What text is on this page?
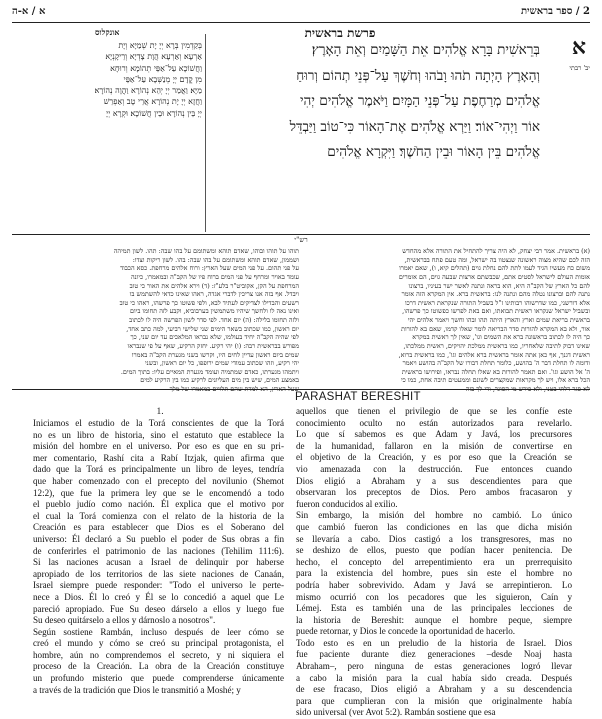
2 / ספר בראשית
א / א-ה
פרשת בראשית
אונקלוס
בְּקַדְמִין בְּרָא יְיָ יָת שְׁמַיָּא וְיָת
אַרְעָא׃ וְאַרְעָא הֲוָת צָדְיָא וְרֵיקָנְיָא
וַחֲשׁוֹכָא עַל־אַפֵּי תְהוֹמָא וְרוּחָא
מִן קֳדָם יְיָ מְנַשְּׁבָא עַל־אַפֵּי
מַיָּא׃ וַאֲמַר יְיָ יְהֵא נְהוֹרָא וַהֲוָה נְהוֹרָא׃
וַחֲזָא יְיָ יָת נְהוֹרָא אֲרֵי טָב וְאַפְרֵשׁ
יְיָ בֵּין נְהוֹרָא וּבֵין חֲשׁוֹכָא׃ וּקְרָא יְיָ
בְּרֵאשִׁית בָּרָא אֱלֹהִים אֵת הַשָּׁמַיִם וְאֵת הָאָרֶץ׃
וְהָאָרֶץ הָיְתָה תֹהוּ וָבֹהוּ וְחֹשֶׁךְ עַל־פְּנֵי תְהוֹם וְרוּחַ
אֱלֹהִים מְרַחֶפֶת עַל־פְּנֵי הַמָּיִם׃ וַיֹּאמֶר אֱלֹהִים יְהִי
אוֹר וַיְהִי־אוֹר׃ וַיַּרְא אֱלֹהִים אֶת־הָאוֹר כִּי־טוֹב וַיַּבְדֵּל
אֱלֹהִים בֵּין הָאוֹר וּבֵין הַחֹשֶׁךְ׃ וַיִּקְרָא אֱלֹהִים
א
יב' רבתי
רש"י
(א) בראשית. אמר רבי יצחק, לא היה צריך להתחיל את התורה אלא מהחדש
הזה לכם שהיא מצוה ראשונה שנצטוו בה ישראל, ומה טעם פתח בבראשית,
משום כח מעשיו הגיד לעמו לתת להם נחלת גוים (תהלים קיא, ו), שאם יאמרו
אומות העולם לישראל לסטים אתם, שכבשתם ארצות שבעה גוים, הם אומרים
להם כל הארץ של הקב"ה היא, הוא בראה ונתנה לאשר ישר בעיניו, ברצונו
נתנה להם וברצונו נטלה מהם ונתנה לנו: בראשית ברא. אין המקרא הזה אומר
אלא דורשני, כמו שדרשוהו רבותינו ז"ל בשביל התורה שנקראת ראשית דרכו
ובשביל ישראל שנקראו ראשית תבואתו, ואם באת לפרשו כפשוטו כך פרשהו,
בראשית בריאת שמים וארץ והארץ היתה תהו ובהו וחשך ויאמר אלהים יהי
אור, ולא בא המקרא להורות סדר הבריאה לומר שאלו קדמו, שאם בא להורות
כך היה לו לכתוב בראשונה ברא את השמים וגו', שאין לך ראשית במקרא
שאינו דבוק לתיבה שלאחריו, כמו בראשית ממלכת יהויקים, ראשית ממלכתו,
ראשית דגנך, אף כאן אתה אומר בראשית ברא אלהים וגו', כמו בראשית ברוא,
ודומה לו תחלת דבר ה' בהושע, כלומר תחלת דבורו של הקב"ה בהושע ויאמר
ה' אל הושע וגו'. ואם תאמר להורות בא שאלו תחלה נבראו, ופירושו בראשית
הכל ברא אלו, ויש לך מקראות שמקצרים לשונם וממעטים תיבה אחת, כמו כי
לא סגר דלתי בטני, ולא פירש מי הסוגר, ודי לך בזה
תוהו על תוהו ובוהו, שאדם תוהא ומשתומם על בהו שבה: תהו. לשון תמיהה
ושממון, שאדם תוהא ומשתומם על בהו שבה: בהו. לשון ריקות וצדו:
על פני תהום. על פני המים שעל הארץ: ורוח אלהים מרחפת. כסא הכבוד
עומד באויר ומרחף על פני המים ברוח פיו של הקב"ה ובמאמרו, כיונה
המרחפת על הקן, אקוביט"ר בלע"ז: (ד) וירא אלהים את האור כי טוב
ויבדל. אף בזה אנו צריכין לדברי אגדה, ראהו שאינו כדאי להשתמש בו
רשעים והבדילו לצדיקים לעתיד לבא, ולפי פשוטו כך פרשהו, ראהו כי טוב
ואינו נאה לו ולחשך שיהיו משתמשין בערבוביא, וקבע לזה תחומו ביום
ולזה תחומו בלילה: (ה) יום אחד. לפי סדר לשון הפרשה היה לו לכתוב
יום ראשון, כמו שכתוב בשאר הימים שני שלישי רביעי, למה כתב אחד,
לפי שהיה הקב"ה יחיד בעולמו, שלא נבראו המלאכים עד יום שני, כך
מפורש בבראשית רבה: (ו) יהי רקיע. יחזק הרקיע, שאף על פי שנבראו
שמים ביום ראשון עדיין לחים היו, וקרשו בשני מגערת הקב"ה באמרו
יהי רקיע, וזהו שכתוב עמודי שמים ירופפו, כל יום ראשון, ובשני
ויתמהו מגערתו, כאדם שמתמיה ועומד מגערת המאיים עליו: בתוך המים.
באמצע המים, שיש בין מים העליונים לרקיע כמו בין הרקיע למים
שעל הארץ, הא למדת שהם תלויים במאמרו של מלך
PARASHAT BERESHIT
1.
Iniciamos el estudio de la Torá conscientes de que la Torá
no es un libro de historia, sino el estatuto que establece la
misión del hombre en el universo. Por eso es que en su pri-
mer comentario, Rashí cita a Rabí Itzjak, quien afirma que
dado que la Torá es principalmente un libro de leyes, tendría
que haber comenzado con el precepto del novilunio (Shemot
12:2), que fue la primera ley que se le encomendó a todo
el pueblo judío como nación. Él explica que el motivo por
el cual la Torá comienza con el relato de la historia de la
Creación es para establecer que Dios es el Soberano del
universo: Él declaró a Su pueblo el poder de Sus obras a fin
de conferirles el patrimonio de las naciones (Tehilim 111:6).
Si las naciones acusan a Israel de delinquir por haberse
apropiado de los territorios de las siete naciones de Canaán,
Israel siempre puede responder: "Todo el universo le perte-
nece a Dios. Él lo creó y Él se lo concedió a aquel que Le
pareció apropiado. Fue Su deseo dárselo a ellos y luego fue
Su deseo quitárselo a ellos y dárnoslo a nosotros".
Según sostiene Rambán, incluso después de leer cómo se
creó el mundo y cómo se creó su principal protagonista, el
hombre, aún no comprendemos el secreto, y ni siquiera el
proceso de la Creación. La obra de la Creación constituye
un profundo misterio que puede comprenderse únicamente
a través de la tradición que Dios le transmitió a Moshé; y
aquellos que tienen el privilegio de que se les confíe este
conocimiento oculto no están autorizados para revelarlo.
Lo que sí sabemos es que Adam y Javá, los precursores
de la humanidad, fallaron en la misión de convertirse en
el objetivo de la Creación, y es por eso que la Creación se
vio amenazada con la destrucción. Fue entonces cuando
Dios eligió a Abraham y a sus descendientes para que
observaran los preceptos de Dios. Pero ambos fracasaron y
fueron conducidos al exilio.
Sin embargo, la misión del hombre no cambió. Lo único
que cambió fueron las condiciones en las que dicha misión
se llevaría a cabo. Dios castigó a los transgresores, mas no
se deshizo de ellos, puesto que podían hacer penitencia. De
hecho, el concepto del arrepentimiento era un prerrequisito
para la existencia del hombre, pues sin este el hombre no
podría haber sobrevivido. Adam y Javá se arrepintieron. Lo
mismo ocurrió con los pecadores que les siguieron, Caín y
Lémej. Esta es también una de las principales lecciones de
la historia de Bereshit: aunque el hombre peque, siempre
puede retornar, y Dios le concede la oportunidad de hacerlo.
Todo esto es en un preludio de la historia de Israel. Dios
fue paciente durante diez generaciones –desde Noaj hasta
Abraham–, pero ninguna de estas generaciones logró llevar
a cabo la misión para la cual había sido creada. Después
de ese fracaso, Dios eligió a Abraham y a su descendencia
para que cumplieran con la misión que originalmente había
sido universal (ver Avot 5:2). Rambán sostiene que esa
